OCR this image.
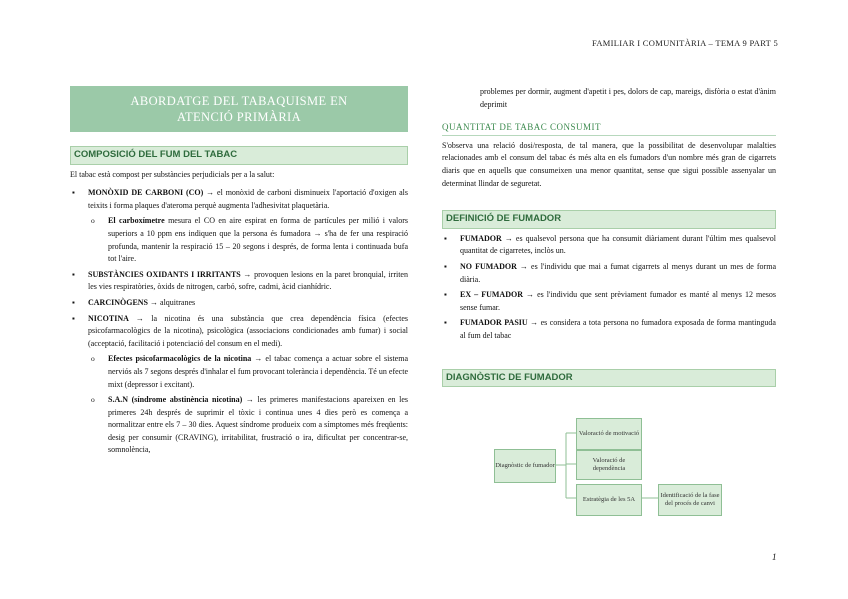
FAMILIAR I COMUNITÀRIA – TEMA 9 PART 5
ABORDATGE DEL TABAQUISME EN
ATENCIÓ PRIMÀRIA
COMPOSICIÓ DEL FUM DEL TABAC

El tabac està compost per substàncies perjudicials per a la salut:

▪ MONÒXID DE CARBONI (CO) → el monòxid de carboni disminueix l'aportació d'oxigen als teixits i forma plaques d'ateroma perquè augmenta l'adhesivitat plaquetària.
o El carboxímetre mesura el CO en aire espirat en forma de partícules per milió i valors superiors a 10 ppm ens indiquen que la persona és fumadora → s'ha de fer una respiració profunda, mantenir la respiració 15 – 20 segons i després, de forma lenta i continuada bufa tot l'aire.
▪ SUBSTÀNCIES OXIDANTS I IRRITANTS → provoquen lesions en la paret bronquial, irriten les vies respiratòries, òxids de nitrogen, carbó, sofre, cadmi, àcid cianhídric.
▪ CARCINÒGENS → alquitranes
▪ NICOTINA → la nicotina és una substància que crea dependència física (efectes psicofarmacològics de la nicotina), psicològica (associacions condicionades amb fumar) i social (acceptació, facilitació i potenciació del consum en el medi).
o Efectes psicofarmacològics de la nicotina → el tabac comença a actuar sobre el sistema nerviós als 7 segons després d'inhalar el fum provocant tolerància i dependència. Té un efecte mixt (depressor i excitant).
o S.A.N (síndrome abstinència nicotina) → les primeres manifestacions apareixen en les primeres 24h després de suprimir el tòxic i continua unes 4 dies però es comença a normalitzar entre els 7 – 30 dies. Aquest síndrome produeix com a símptomes més freqüents: desig per consumir (CRAVING), irritabilitat, frustració o ira, dificultat per concentrar-se, somnolència,

problemes per dormir, augment d'apetit i pes, dolors de cap, mareigs, disfòria o estat d'ànim deprimit

QUANTITAT DE TABAC CONSUMIT

S'observa una relació dosi/resposta, de tal manera, que la possibilitat de desenvolupar malalties relacionades amb el consum del tabac és més alta en els fumadors d'un nombre més gran de cigarrets diaris que en aquells que consumeixen una menor quantitat, sense que sigui possible assenyalar un determinat llindar de seguretat.

DEFINICIÓ DE FUMADOR
▪ FUMADOR → es qualsevol persona que ha consumit diàriament durant l'últim mes qualsevol quantitat de cigarretes, inclòs un.
▪ NO FUMADOR → es l'individu que mai a fumat cigarrets al menys durant un mes de forma diària.
▪ EX – FUMADOR → es l'individu que sent prèviament fumador es manté al menys 12 mesos sense fumar.
▪ FUMADOR PASIU → es considera a tota persona no fumadora exposada de forma mantinguda al fum del tabac
DIAGNÒSTIC DE FUMADOR
Diagnòstic de fumador
Valoració de motivació
Valoració de dependència
Estratègia de les 5A
Identificació de la fase del procés de canvi
1
